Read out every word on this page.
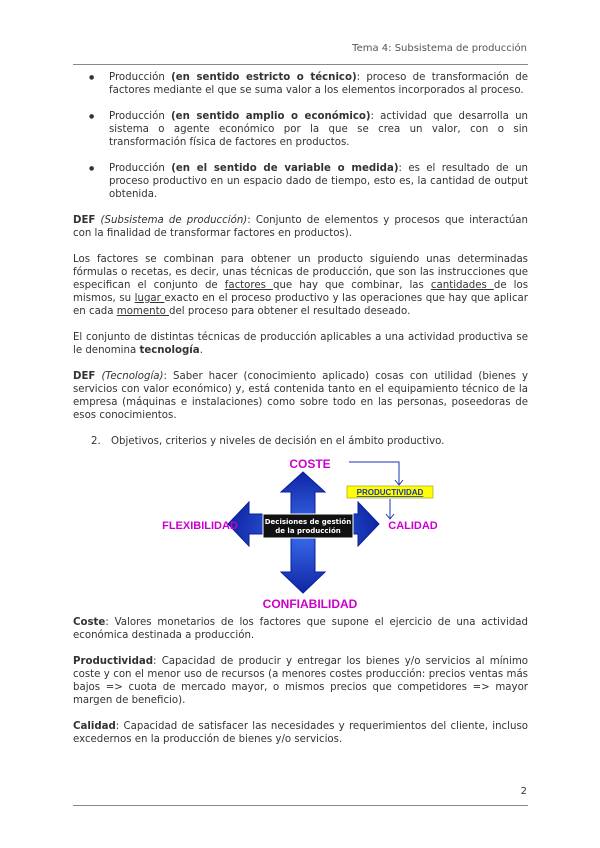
Tema 4: Subsistema de producción
● Producción (en sentido estricto o técnico): proceso de transformación de factores mediante el que se suma valor a los elementos incorporados al proceso.
● Producción (en sentido amplio o económico): actividad que desarrolla un sistema o agente económico por la que se crea un valor, con o sin transformación física de factores en productos.
● Producción (en el sentido de variable o medida): es el resultado de un proceso productivo en un espacio dado de tiempo, esto es, la cantidad de output obtenida.

DEF (Subsistema de producción): Conjunto de elementos y procesos que interactúan con la finalidad de transformar factores en productos).

Los factores se combinan para obtener un producto siguiendo unas determinadas fórmulas o recetas, es decir, unas técnicas de producción, que son las instrucciones que especifican el conjunto de factores que hay que combinar, las cantidades de los mismos, su lugar exacto en el proceso productivo y las operaciones que hay que aplicar en cada momento del proceso para obtener el resultado deseado.

El conjunto de distintas técnicas de producción aplicables a una actividad productiva se le denomina tecnología.

DEF (Tecnología): Saber hacer (conocimiento aplicado) cosas con utilidad (bienes y servicios con valor económico) y, está contenida tanto en el equipamiento técnico de la empresa (máquinas e instalaciones) como sobre todo en las personas, poseedoras de esos conocimientos.

2. Objetivos, criterios y niveles de decisión en el ámbito productivo.
Decisiones de gestión
de la producción
COSTE
FLEXIBILIDAD	CALIDAD
CONFIABILIDAD
PRODUCTIVIDAD

Coste: Valores monetarios de los factores que supone el ejercicio de una actividad económica destinada a producción.

Productividad: Capacidad de producir y entregar los bienes y/o servicios al mínimo coste y con el menor uso de recursos (a menores costes producción: precios ventas más bajos => cuota de mercado mayor, o mismos precios que competidores => mayor margen de beneficio).

Calidad: Capacidad de satisfacer las necesidades y requerimientos del cliente, incluso excedernos en la producción de bienes y/o servicios.

2
